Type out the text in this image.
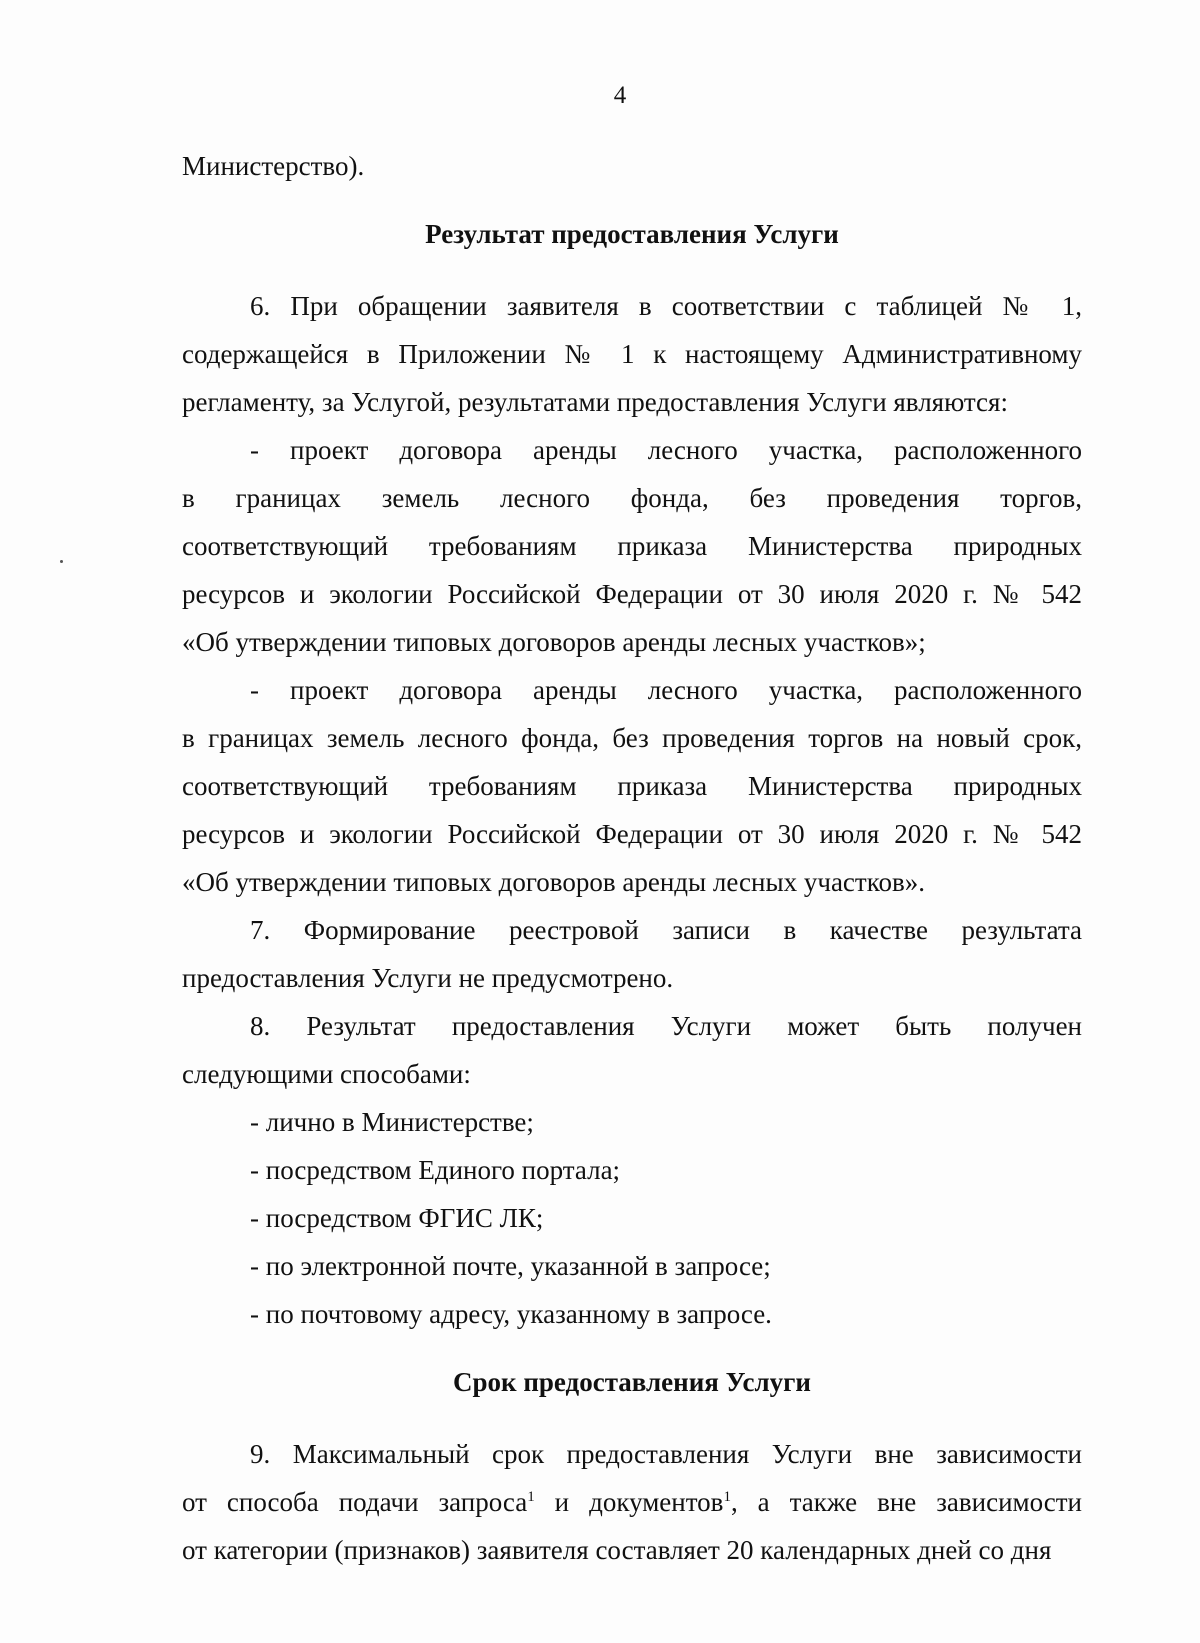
4
Министерство).
Результат предоставления Услуги
6. При обращении заявителя в соответствии с таблицей № 1,
содержащейся в Приложении № 1 к настоящему Административному
регламенту, за Услугой, результатами предоставления Услуги являются:
- проект договора аренды лесного участка, расположенного
в границах земель лесного фонда, без проведения торгов,
соответствующий требованиям приказа Министерства природных
ресурсов и экологии Российской Федерации от 30 июля 2020 г. № 542
«Об утверждении типовых договоров аренды лесных участков»;
- проект договора аренды лесного участка, расположенного
в границах земель лесного фонда, без проведения торгов на новый срок,
соответствующий требованиям приказа Министерства природных
ресурсов и экологии Российской Федерации от 30 июля 2020 г. № 542
«Об утверждении типовых договоров аренды лесных участков».
7. Формирование реестровой записи в качестве результата
предоставления Услуги не предусмотрено.
8. Результат предоставления Услуги может быть получен
следующими способами:
- лично в Министерстве;
- посредством Единого портала;
- посредством ФГИС ЛК;
- по электронной почте, указанной в запросе;
- по почтовому адресу, указанному в запросе.
Срок предоставления Услуги
9. Максимальный срок предоставления Услуги вне зависимости
от способа подачи запроса$^1$ и документов$^1$, а также вне зависимости
от категории (признаков) заявителя составляет 20 календарных дней со дня
